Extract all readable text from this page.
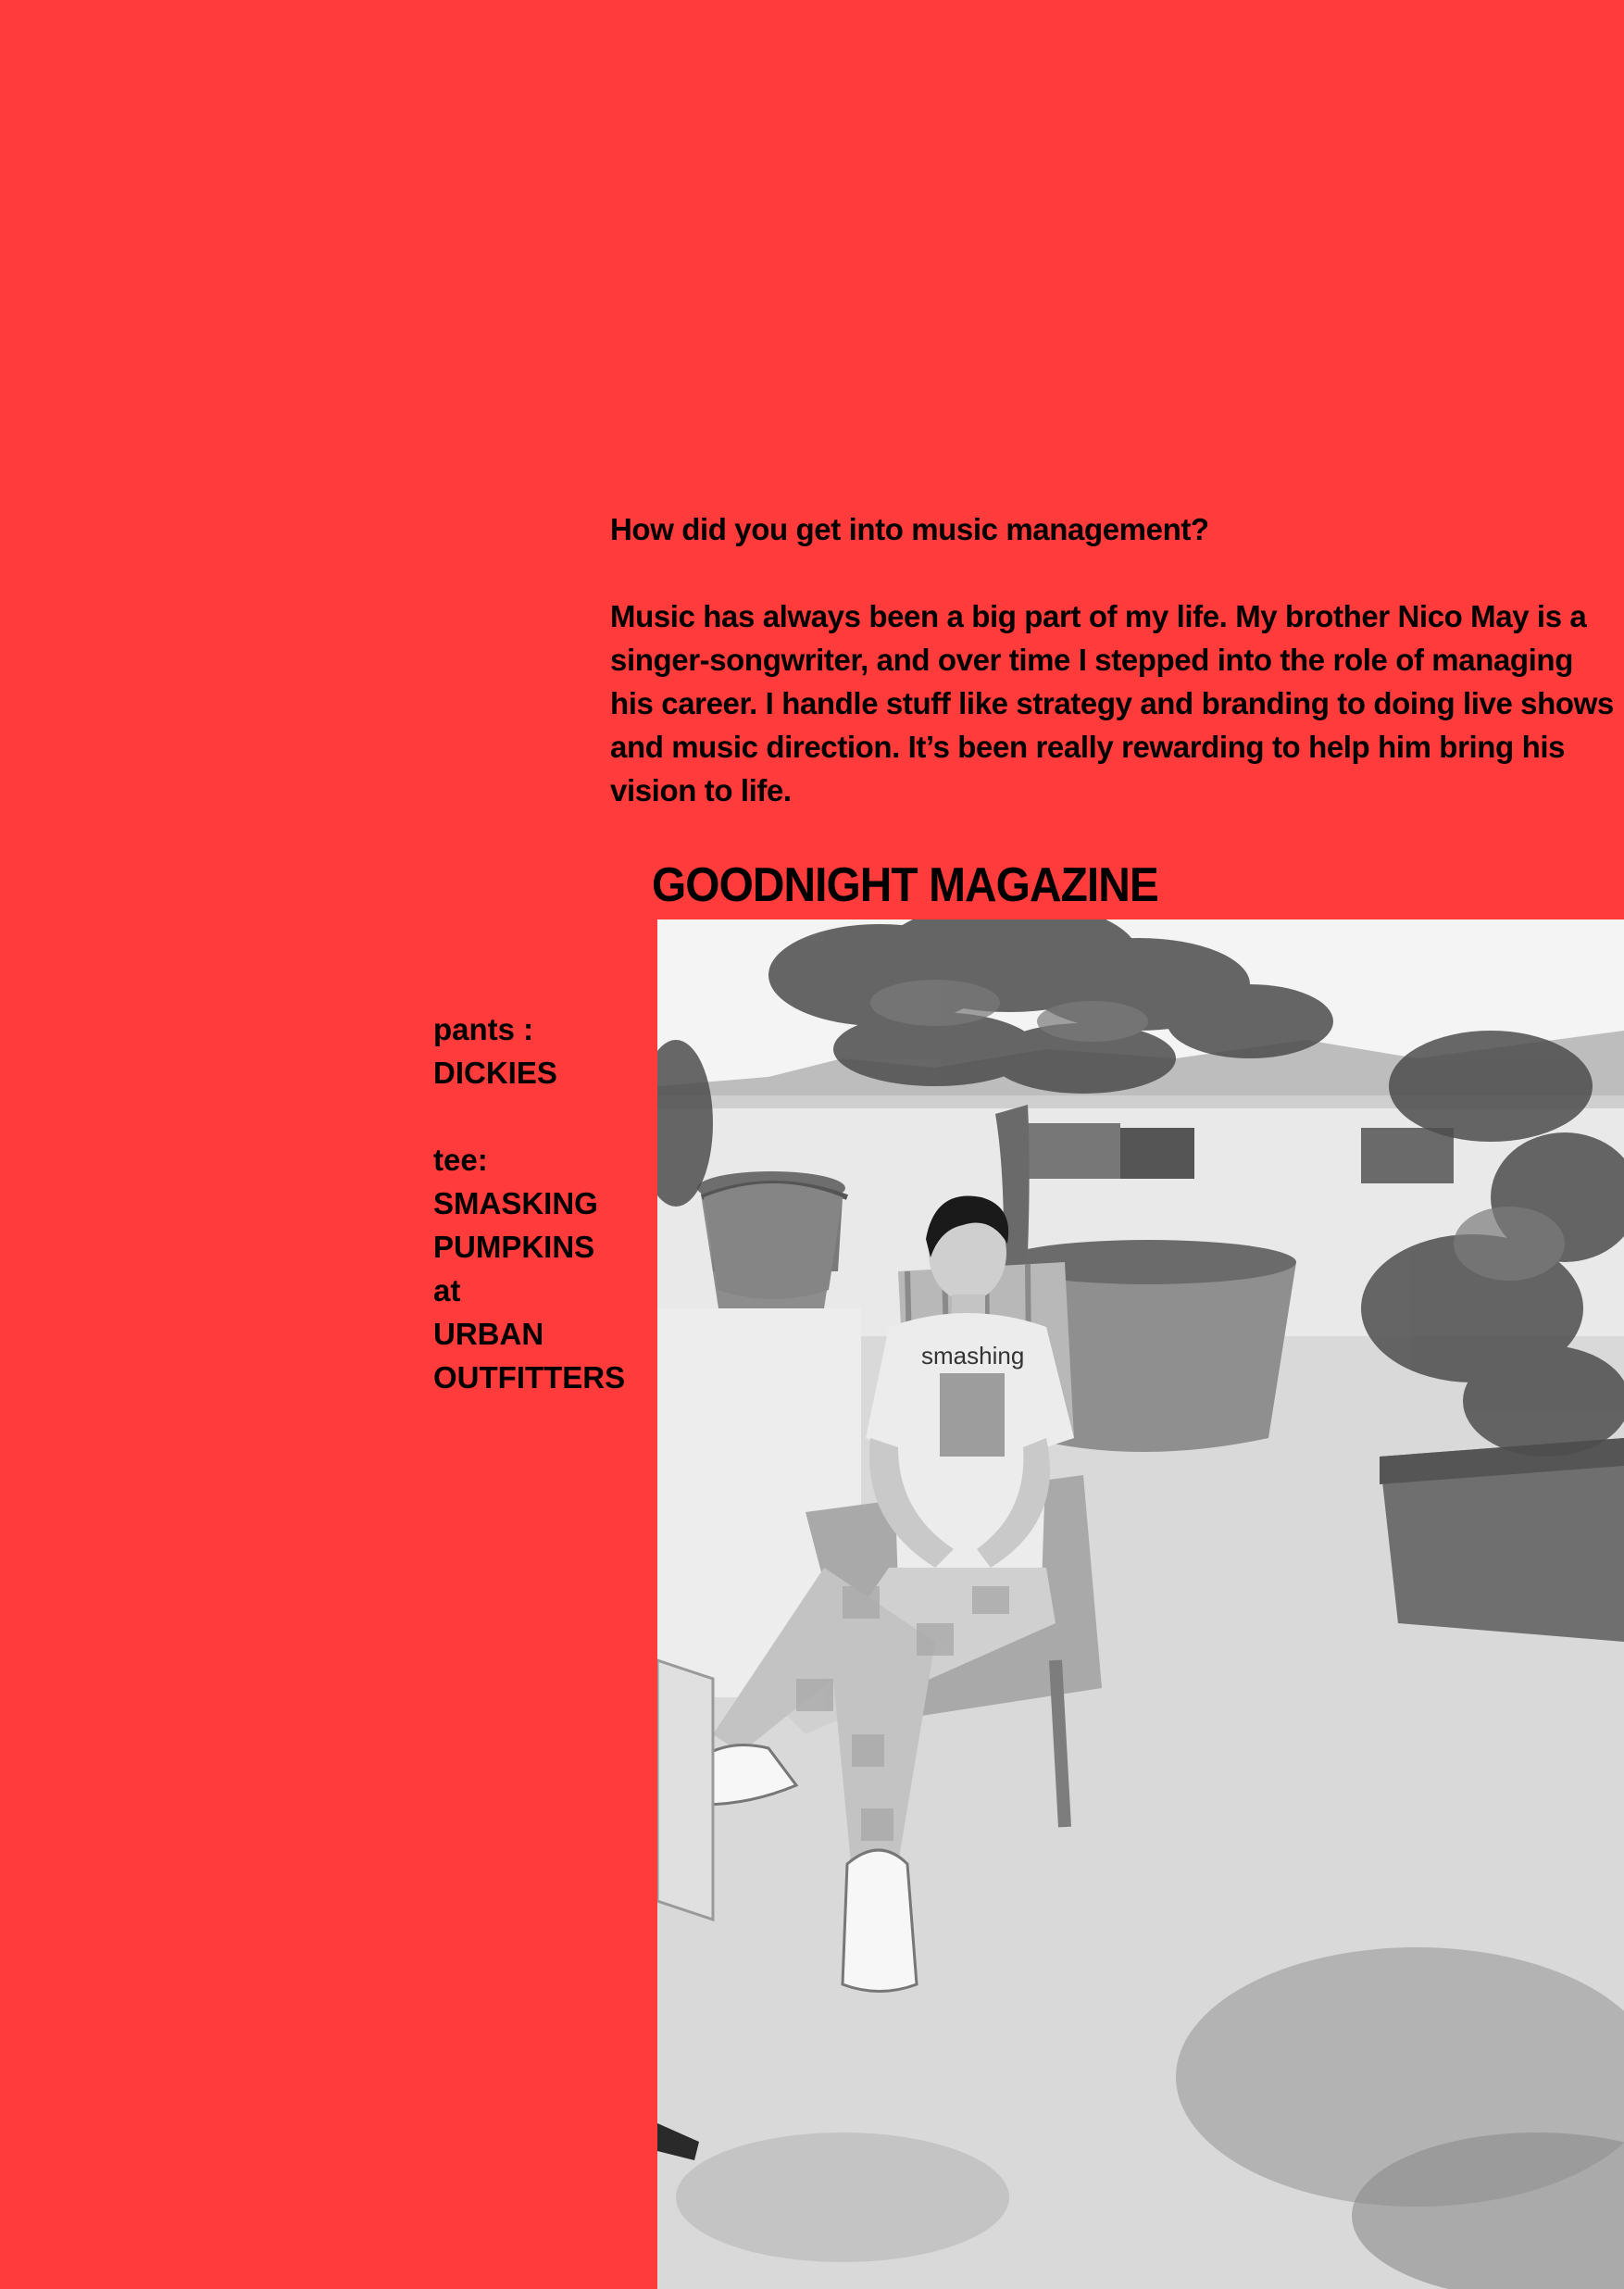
How did you get into music management?

Music has always been a big part of my life. My brother Nico May is a singer-songwriter, and over time I stepped into the role of managing his career. I handle stuff like strategy and branding to doing live shows and music direction. It’s been really rewarding to help him bring his vision to life.

GOODNIGHT MAGAZINE
pants :
DICKIES
tee:
SMASKING
PUMPKINS
at
URBAN
OUTFITTERS
smashing
